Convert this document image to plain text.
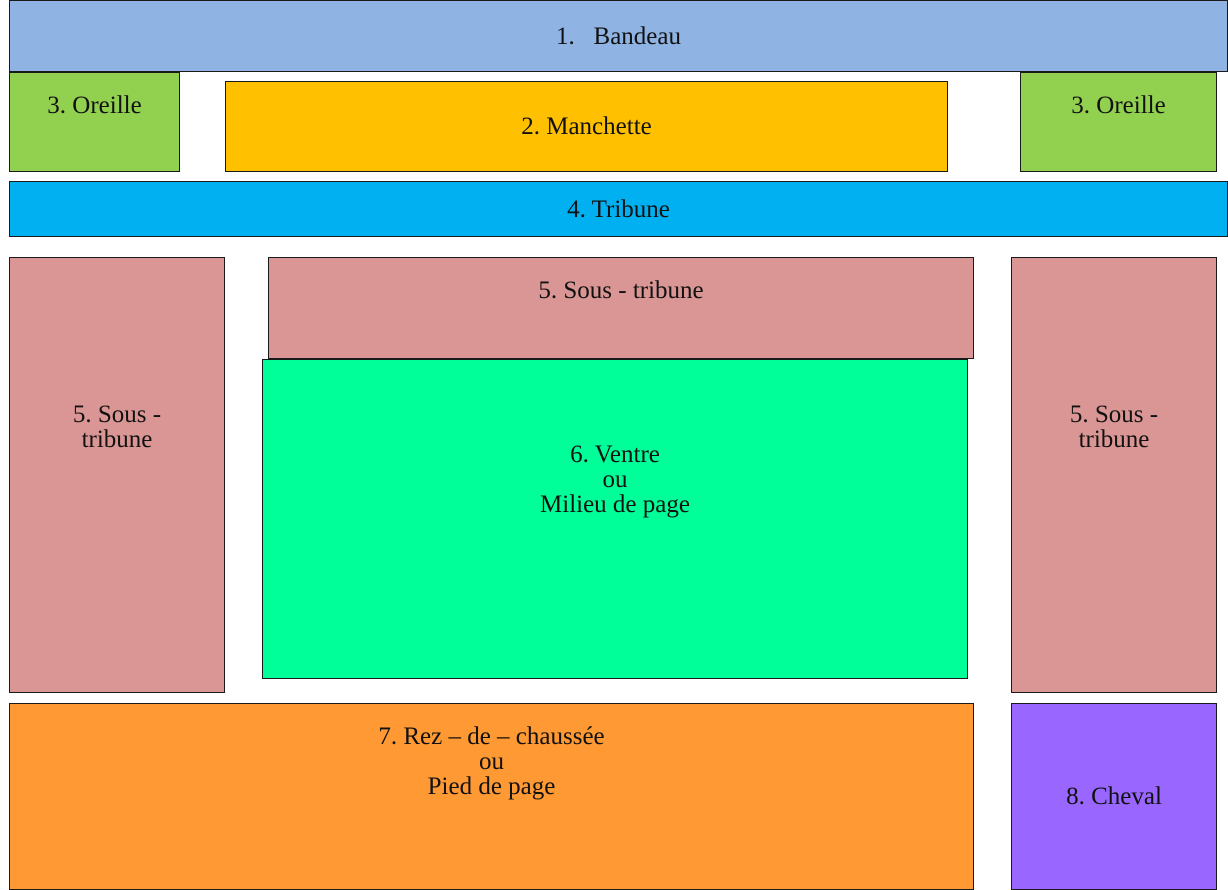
1.   Bandeau
3. Oreille
2. Manchette
3. Oreille
4. Tribune
5. Sous -
tribune
5. Sous - tribune
5. Sous -
tribune
6. Ventre
ou
Milieu de page
7. Rez – de – chaussée
ou
Pied de page	8. Cheval
